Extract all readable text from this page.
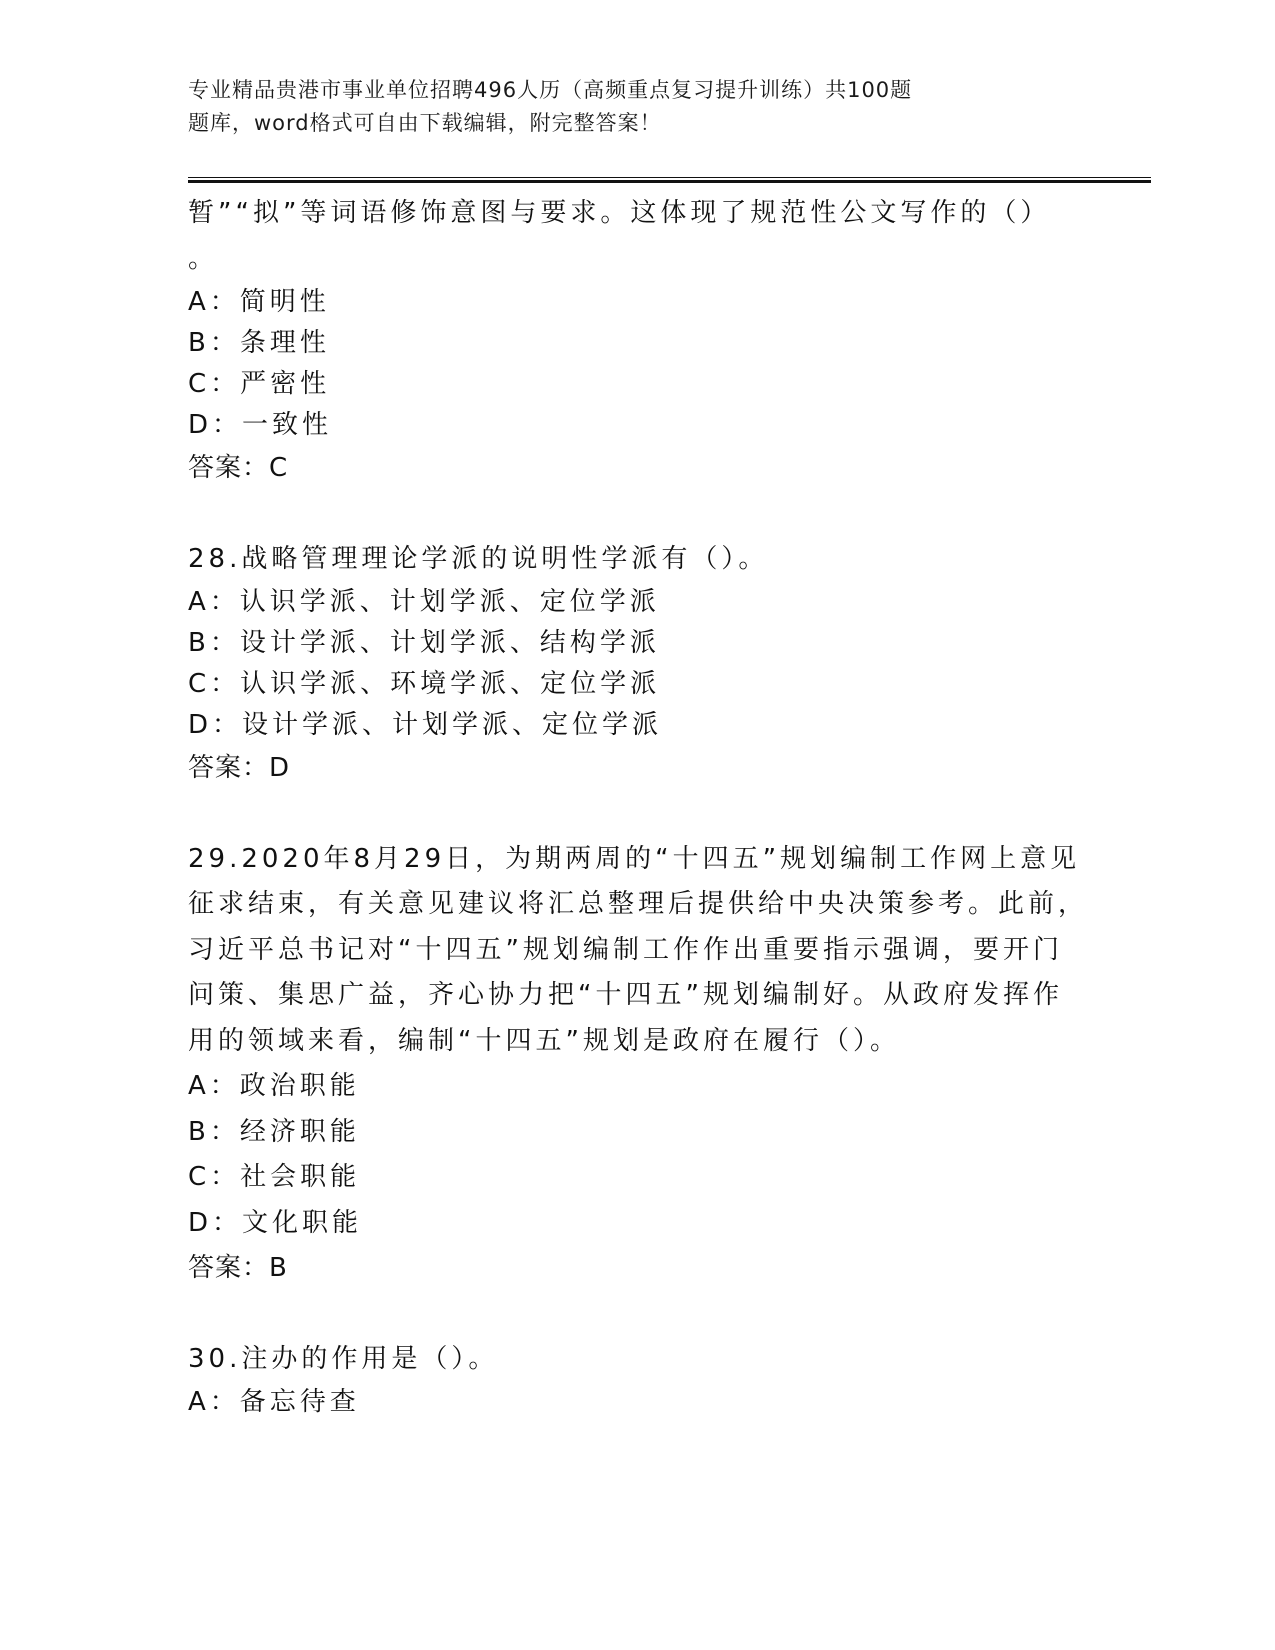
专业精品贵港市事业单位招聘496人历（高频重点复习提升训练）共100题
题库，word格式可自由下载编辑，附完整答案！
暂”“拟”等词语修饰意图与要求。这体现了规范性公文写作的（）
。
A：简明性
B：条理性
C：严密性
D：一致性
答案：C
28.战略管理理论学派的说明性学派有（）。
A：认识学派、计划学派、定位学派
B：设计学派、计划学派、结构学派
C：认识学派、环境学派、定位学派
D：设计学派、计划学派、定位学派
答案：D
29.2020年8月29日，为期两周的“十四五”规划编制工作网上意见
征求结束，有关意见建议将汇总整理后提供给中央决策参考。此前，
习近平总书记对“十四五”规划编制工作作出重要指示强调，要开门
问策、集思广益，齐心协力把“十四五”规划编制好。从政府发挥作
用的领域来看，编制“十四五”规划是政府在履行（）。
A：政治职能
B：经济职能
C：社会职能
D：文化职能
答案：B
30.注办的作用是（）。
A：备忘待查
